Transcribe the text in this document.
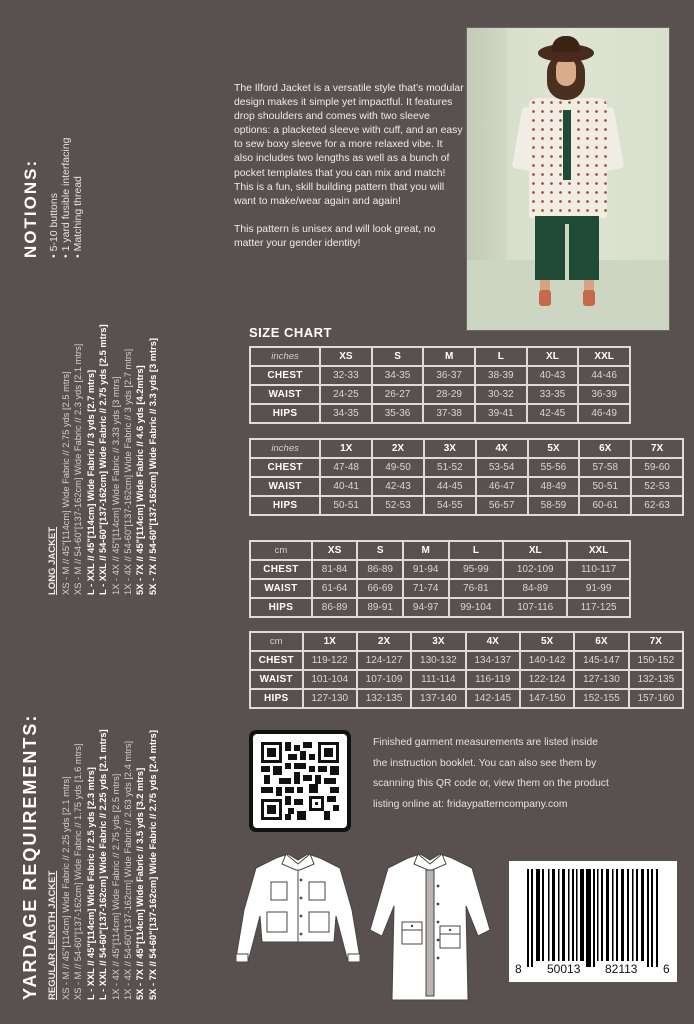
NOTIONS: • 5-10 buttons • 1 yard fusible interfacing • Matching thread
YARDAGE REQUIREMENTS: REGULAR LENGTH JACKET XS - M // 45"[114cm] Wide Fabric // 2.25 yds [2.1 mtrs] XS - M // 54-60"[137-162cm] Wide Fabric // 1.75 yds [1.6 mtrs] L - XXL // 45"[114cm] Wide Fabric // 2.5 yds [2.3 mtrs] L - XXL // 54-60"[137-162cm] Wide Fabric // 2.25 yds [2.1 mtrs] 1X - 4X // 45"[114cm] Wide Fabric // 2.75 yds [2.5 mtrs] 1X - 4X // 54-60"[137-162cm] Wide Fabric // 2.63 yds [2.4 mtrs] 5X - 7X // 45"[114cm] Wide Fabric // 3.5 yds [3.2 mtrs] 5X - 7X // 54-60"[137-162cm] Wide Fabric // 2.75 yds [2.4 mtrs]
LONG JACKET XS - M // 45"[114cm] Wide Fabric // 2.75 yds [2.5 mtrs] XS - M // 54-60"[137-162cm] Wide Fabric // 2.3 yds [2.1 mtrs] L - XXL // 45"[114cm] Wide Fabric // 3 yds [2.7 mtrs] L - XXL // 54-60"[137-162cm] Wide Fabric // 2.75 yds [2.5 mtrs] 1X - 4X // 45"[114cm] Wide Fabric // 3.33 yds [3 mtrs] 1X - 4X // 54-60"[137-162cm] Wide Fabric // 3 yds [2.7 mtrs] 5X - 7X // 45"[114cm] Wide Fabric // 4.6 yds [4.2mtrs] 5X - 7X // 54-60"[137-162cm] Wide Fabric // 3.3 yds [3 mtrs]

The Ilford Jacket is a versatile style that’s modular design makes it simple yet impactful. It features drop shoulders and comes with two sleeve options: a placketed sleeve with cuff, and an easy to sew boxy sleeve for a more relaxed vibe. It also includes two lengths as well as a bunch of pocket templates that you can mix and match! This is a fun, skill building pattern that you will want to make/wear again and again!

This pattern is unisex and will look great, no matter your gender identity!

SIZE CHART
inches	XS	S	M	L	XL	XXL
CHEST	32-33	34-35	36-37	38-39	40-43	44-46
WAIST	24-25	26-27	28-29	30-32	33-35	36-39
HIPS	34-35	35-36	37-38	39-41	42-45	46-49
inches	1X	2X	3X	4X	5X	6X	7X
CHEST	47-48	49-50	51-52	53-54	55-56	57-58	59-60
WAIST	40-41	42-43	44-45	46-47	48-49	50-51	52-53
HIPS	50-51	52-53	54-55	56-57	58-59	60-61	62-63
cm	XS	S	M	L	XL	XXL
CHEST	81-84	86-89	91-94	95-99	102-109	110-117
WAIST	61-64	66-69	71-74	76-81	84-89	91-99
HIPS	86-89	89-91	94-97	99-104	107-116	117-125
cm	1X	2X	3X	4X	5X	6X	7X
CHEST	119-122	124-127	130-132	134-137	140-142	145-147	150-152
WAIST	101-104	107-109	111-114	116-119	122-124	127-130	132-135
HIPS	127-130	132-135	137-140	142-145	147-150	152-155	157-160
Finished garment measurements are listed inside the instruction booklet. You can also see them by scanning this QR code or, view them on the product listing online at: fridaypatterncompany.com
8 50013 82113 6
